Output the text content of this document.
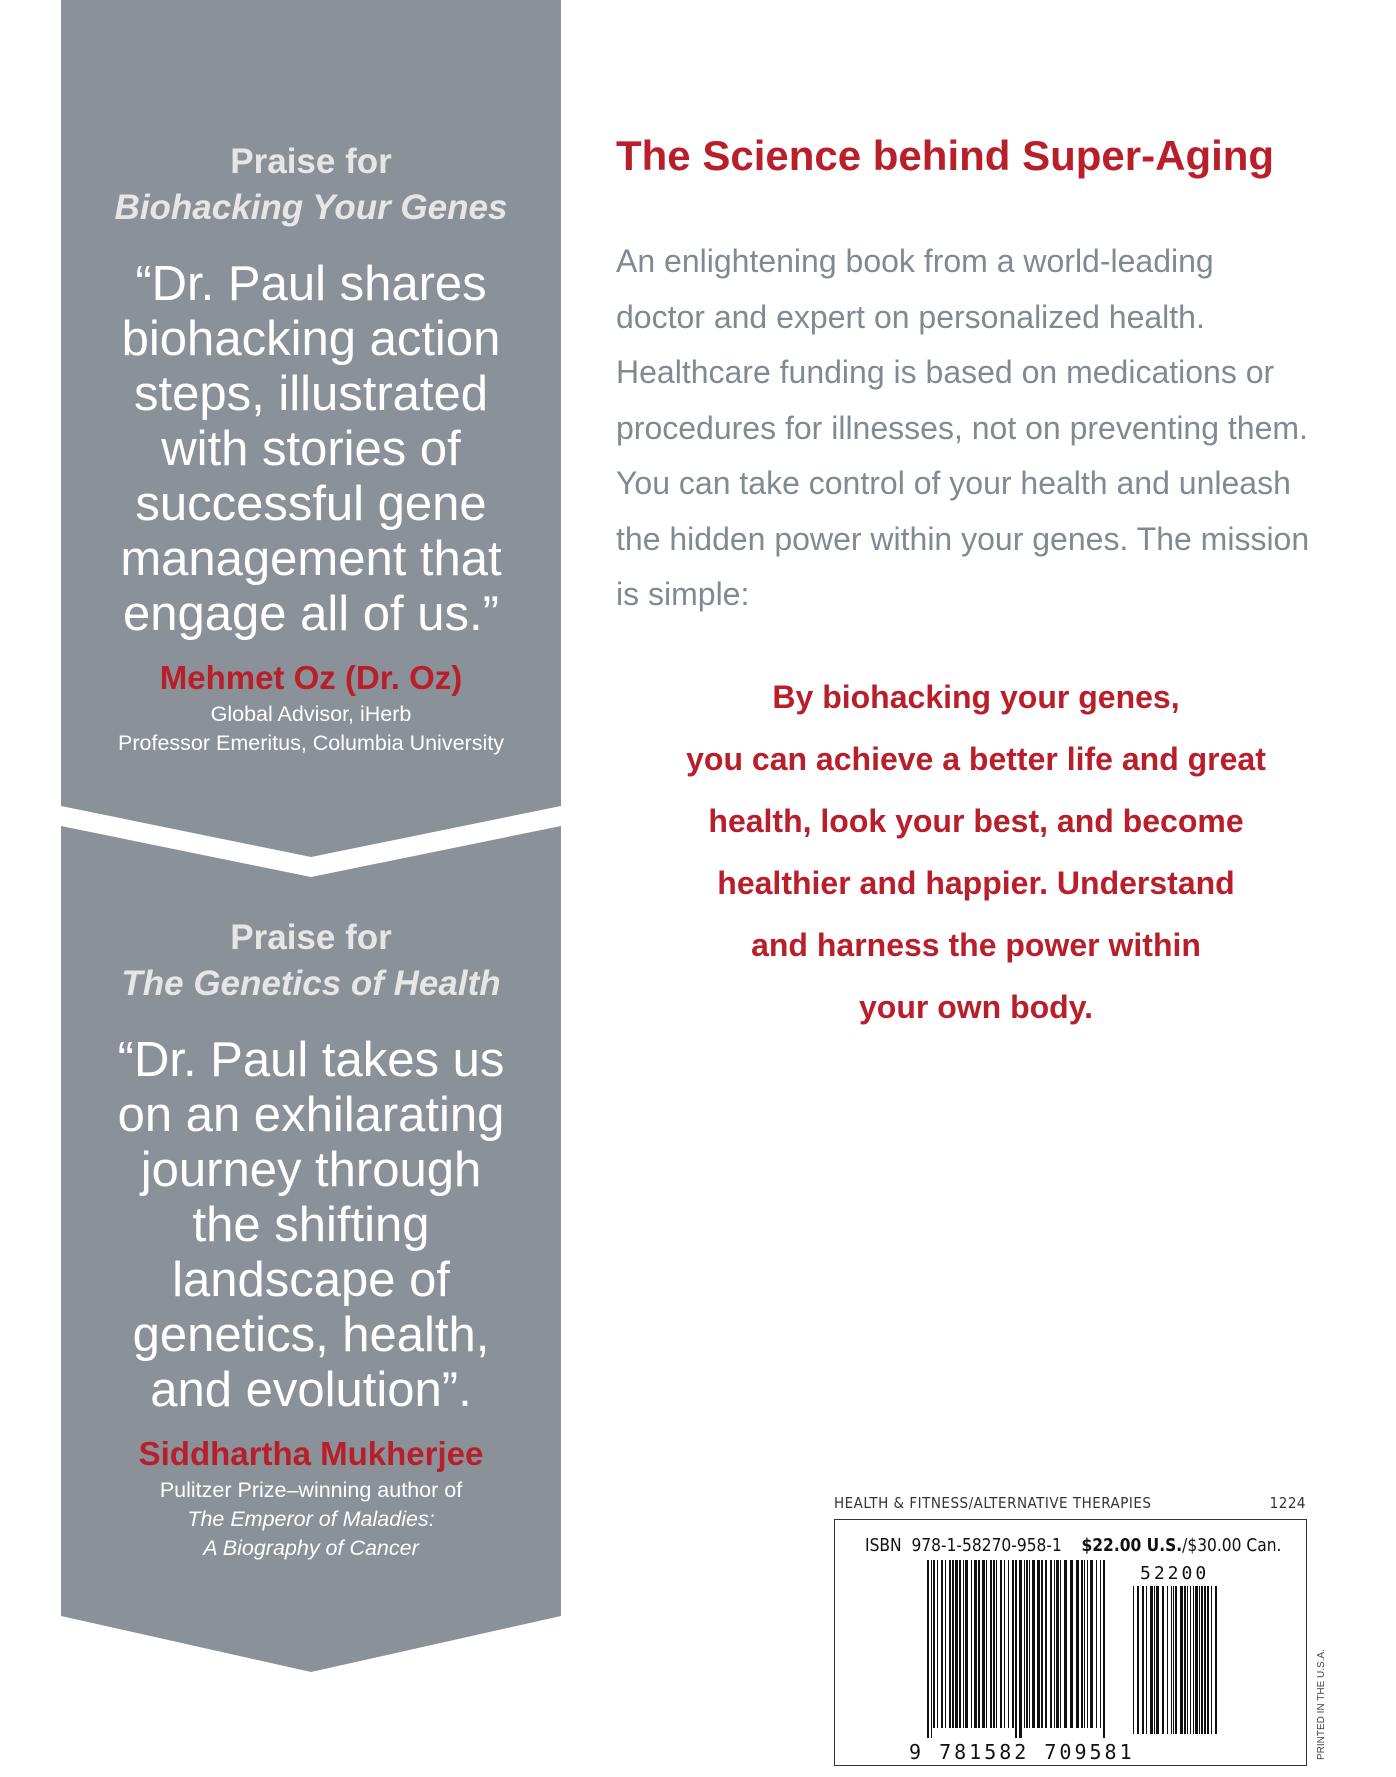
Praise for
Biohacking Your Genes
“Dr. Paul shares
biohacking action
steps, illustrated
with stories of
successful gene
management that
engage all of us.”
Mehmet Oz (Dr. Oz)
Global Advisor, iHerb
Professor Emeritus, Columbia University
Praise for
The Genetics of Health
“Dr. Paul takes us
on an exhilarating
journey through
the shifting
landscape of
genetics, health,
and evolution”.
Siddhartha Mukherjee
Pulitzer Prize–winning author of
The Emperor of Maladies:
A Biography of Cancer
The Science behind Super-Aging
An enlightening book from a world-leading
doctor and expert on personalized health.
Healthcare funding is based on medications or
procedures for illnesses, not on preventing them.
You can take control of your health and unleash
the hidden power within your genes. The mission
is simple:
By biohacking your genes,
you can achieve a better life and great
health, look your best, and become
healthier and happier. Understand
and harness the power within
your own body.
HEALTH & FITNESS/ALTERNATIVE THERAPIES	1224
ISBN 978-1-58270-958-1 $22.00 U.S./$30.00 Can.
52200
9 781582 709581	PRINTED IN THE U.S.A.
